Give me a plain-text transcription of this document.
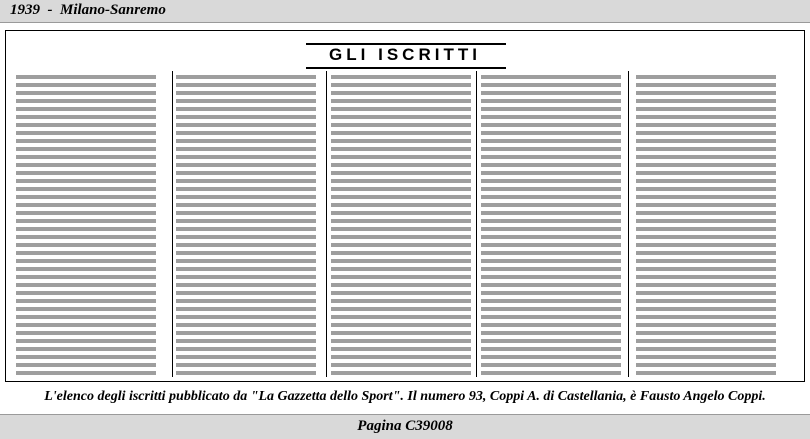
1939  -  Milano-Sanremo
GLI ISCRITTI
L'elenco degli iscritti pubblicato da "La Gazzetta dello Sport". Il numero 93, Coppi A. di Castellania, è Fausto Angelo Coppi.
Pagina C39008
